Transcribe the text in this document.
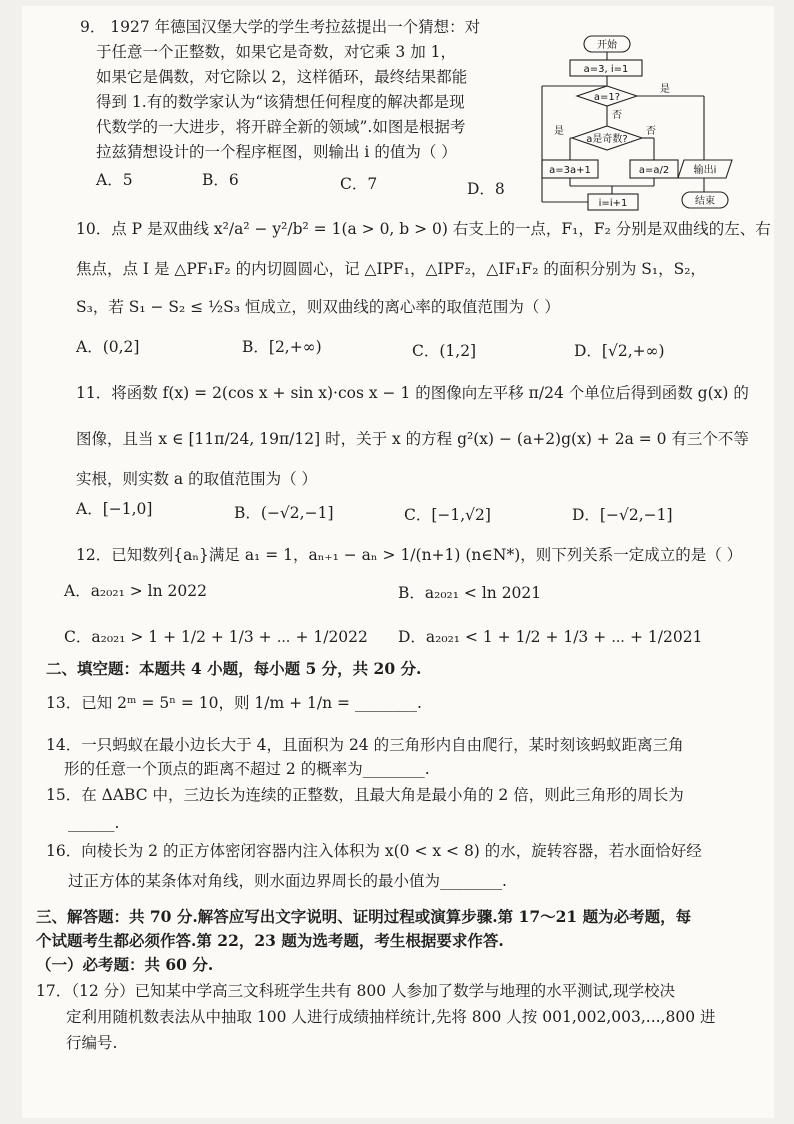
9． 1927 年德国汉堡大学的学生考拉兹提出一个猜想：对
于任意一个正整数，如果它是奇数，对它乘 3 加 1，
如果它是偶数，对它除以 2，这样循环，最终结果都能
得到 1.有的数学家认为“该猜想任何程度的解决都是现
代数学的一大进步，将开辟全新的领域”.如图是根据考
拉兹猜想设计的一个程序框图，则输出 i 的值为（ ）
A．5	B．6	C．7	D．8
开始
a=3, i=1
a=1?
是
否
a是奇数?
是	否
a=3a+1	a=a/2 输出i
i=i+1	结束
10．点 P 是双曲线 x²/a² − y²/b² = 1(a > 0, b > 0) 右支上的一点，F₁，F₂ 分别是双曲线的左、右
焦点，点 I 是 △PF₁F₂ 的内切圆圆心，记 △IPF₁，△IPF₂，△IF₁F₂ 的面积分别为 S₁，S₂，
S₃，若 S₁ − S₂ ≤ ½S₃ 恒成立，则双曲线的离心率的取值范围为（ ）
A．(0,2]	B．[2,+∞)	C．(1,2]	D．[√2,+∞)
11．将函数 f(x) = 2(cos x + sin x)·cos x − 1 的图像向左平移 π/24 个单位后得到函数 g(x) 的
图像，且当 x ∈ [11π/24, 19π/12] 时，关于 x 的方程 g²(x) − (a+2)g(x) + 2a = 0 有三个不等
实根，则实数 a 的取值范围为（ ）
A．[−1,0]	B．(−√2,−1]	C．[−1,√2]	D．[−√2,−1]
12．已知数列{aₙ}满足 a₁ = 1，aₙ₊₁ − aₙ > 1/(n+1) (n∈N*)，则下列关系一定成立的是（ ）
A．a₂₀₂₁ > ln 2022	B．a₂₀₂₁ < ln 2021
C．a₂₀₂₁ > 1 + 1/2 + 1/3 + ⋯ + 1/2022 D．a₂₀₂₁ < 1 + 1/2 + 1/3 + ⋯ + 1/2021
二、填空题：本题共 4 小题，每小题 5 分，共 20 分.
13．已知 2ᵐ = 5ⁿ = 10，则 1/m + 1/n = ________.
14．一只蚂蚁在最小边长大于 4，且面积为 24 的三角形内自由爬行，某时刻该蚂蚁距离三角
形的任意一个顶点的距离不超过 2 的概率为________.
15．在 ΔABC 中，三边长为连续的正整数，且最大角是最小角的 2 倍，则此三角形的周长为
______.
16．向棱长为 2 的正方体密闭容器内注入体积为 x(0 < x < 8) 的水，旋转容器，若水面恰好经
过正方体的某条体对角线，则水面边界周长的最小值为________.
三、解答题：共 70 分.解答应写出文字说明、证明过程或演算步骤.第 17～21 题为必考题，每
个试题考生都必须作答.第 22，23 题为选考题，考生根据要求作答.
（一）必考题：共 60 分.
17．（12 分）已知某中学高三文科班学生共有 800 人参加了数学与地理的水平测试,现学校决
定利用随机数表法从中抽取 100 人进行成绩抽样统计,先将 800 人按 001,002,003,...,800 进
行编号.
